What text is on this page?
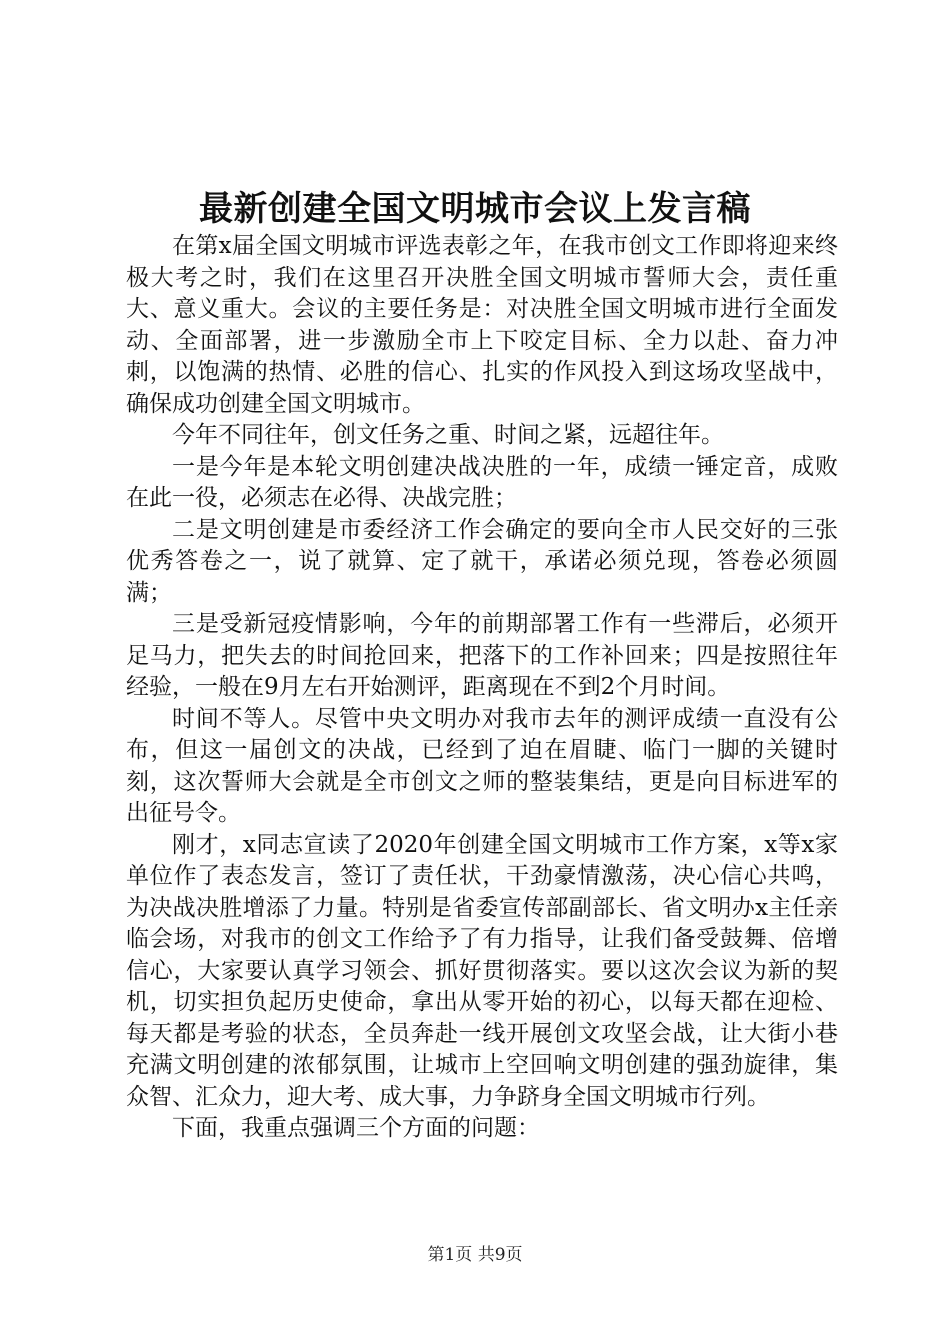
最新创建全国文明城市会议上发言稿

在第x届全国文明城市评选表彰之年，在我市创文工作即将迎来终极大考之时，我们在这里召开决胜全国文明城市誓师大会，责任重大、意义重大。会议的主要任务是：对决胜全国文明城市进行全面发动、全面部署，进一步激励全市上下咬定目标、全力以赴、奋力冲刺，以饱满的热情、必胜的信心、扎实的作风投入到这场攻坚战中，确保成功创建全国文明城市。

今年不同往年，创文任务之重、时间之紧，远超往年。

一是今年是本轮文明创建决战决胜的一年，成绩一锤定音，成败在此一役，必须志在必得、决战完胜；

二是文明创建是市委经济工作会确定的要向全市人民交好的三张优秀答卷之一，说了就算、定了就干，承诺必须兑现，答卷必须圆满；

三是受新冠疫情影响，今年的前期部署工作有一些滞后，必须开足马力，把失去的时间抢回来，把落下的工作补回来；四是按照往年经验，一般在9月左右开始测评，距离现在不到2个月时间。

时间不等人。尽管中央文明办对我市去年的测评成绩一直没有公布，但这一届创文的决战，已经到了迫在眉睫、临门一脚的关键时刻，这次誓师大会就是全市创文之师的整装集结，更是向目标进军的出征号令。

刚才，x同志宣读了2020年创建全国文明城市工作方案，x等x家单位作了表态发言，签订了责任状，干劲豪情激荡，决心信心共鸣，为决战决胜增添了力量。特别是省委宣传部副部长、省文明办x主任亲临会场，对我市的创文工作给予了有力指导，让我们备受鼓舞、倍增信心，大家要认真学习领会、抓好贯彻落实。要以这次会议为新的契机，切实担负起历史使命，拿出从零开始的初心，以每天都在迎检、每天都是考验的状态，全员奔赴一线开展创文攻坚会战，让大街小巷充满文明创建的浓郁氛围，让城市上空回响文明创建的强劲旋律，集众智、汇众力，迎大考、成大事，力争跻身全国文明城市行列。

下面，我重点强调三个方面的问题：

第1页 共9页
